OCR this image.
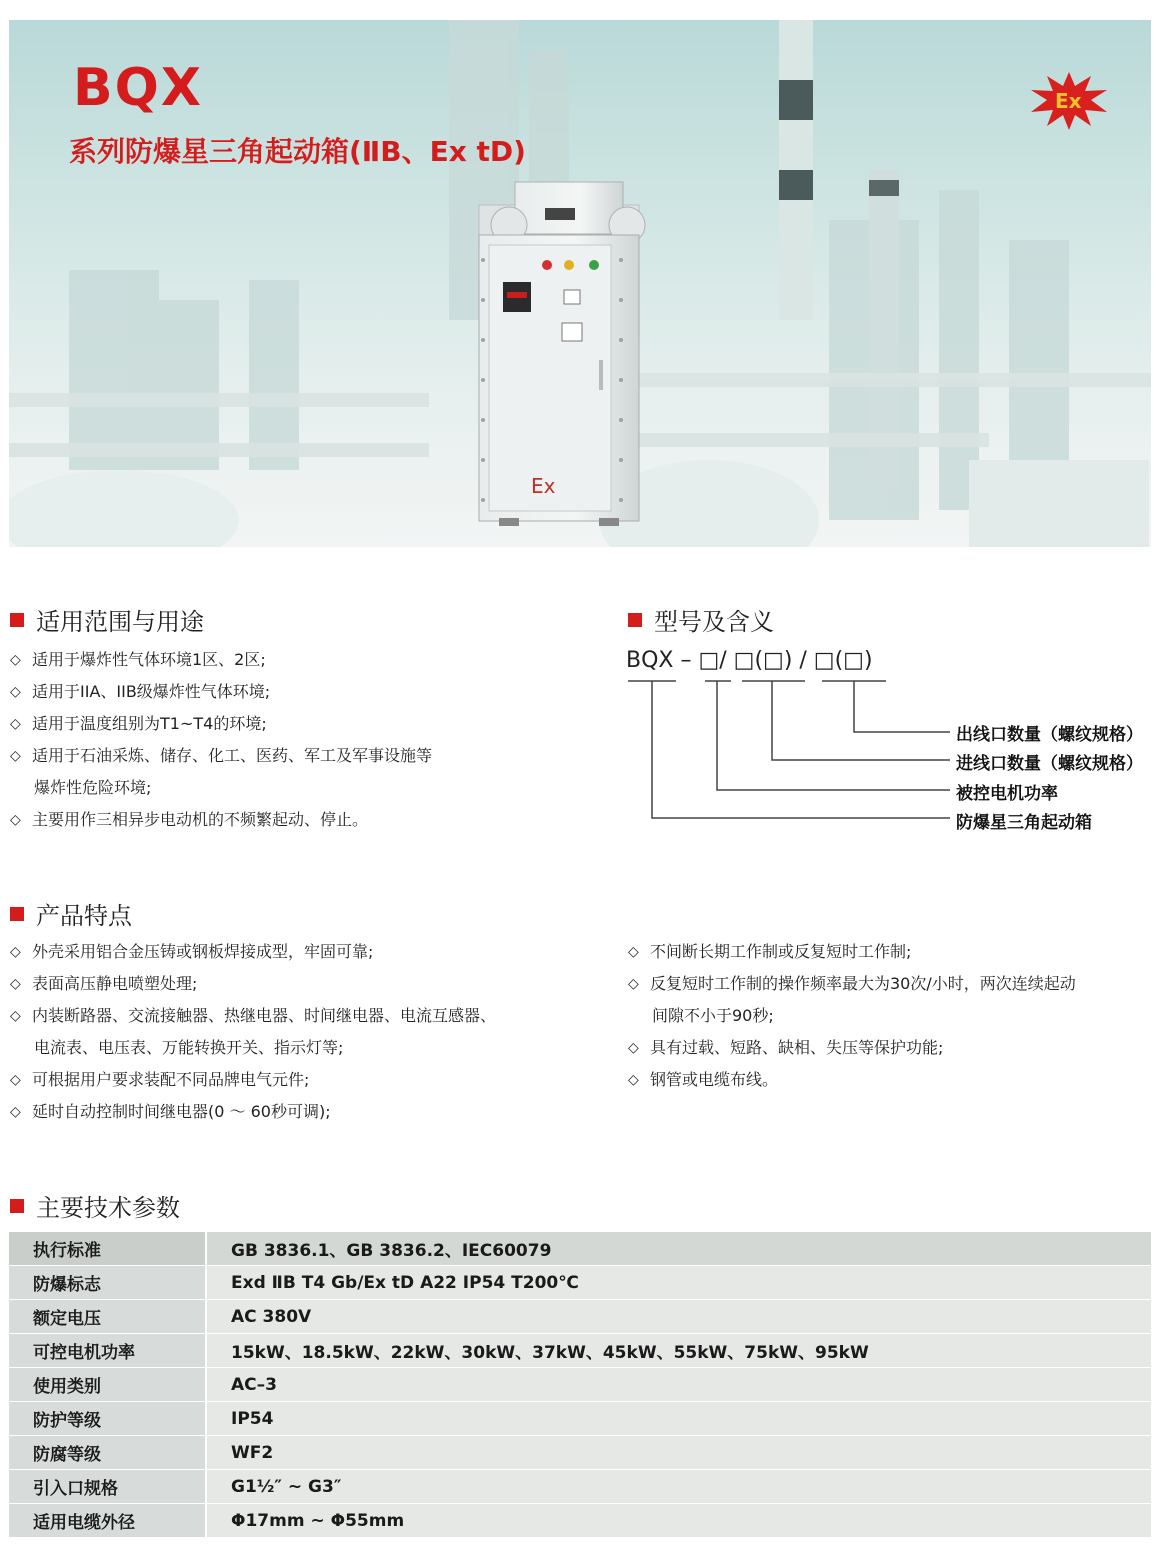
BQX
系列防爆星三角起动箱(ⅡB、Ex tD)
Ex
Ex
适用范围与用途
◇ 适用于爆炸性气体环境1区、2区;
◇ 适用于IIA、IIB级爆炸性气体环境;
◇ 适用于温度组别为T1~T4的环境;
◇ 适用于石油采炼、储存、化工、医药、军工及军事设施等
爆炸性危险环境;
◇ 主要用作三相异步电动机的不频繁起动、停止。
型号及含义
BQX – □/ □(□) / □(□)
出线口数量（螺纹规格）
进线口数量（螺纹规格）
被控电机功率
防爆星三角起动箱
产品特点
◇ 外壳采用铝合金压铸或钢板焊接成型，牢固可靠;
◇ 表面高压静电喷塑处理;
◇ 内装断路器、交流接触器、热继电器、时间继电器、电流互感器、
电流表、电压表、万能转换开关、指示灯等;
◇ 可根据用户要求装配不同品牌电气元件;
◇ 延时自动控制时间继电器(0 ～ 60秒可调);
◇ 不间断长期工作制或反复短时工作制;
◇ 反复短时工作制的操作频率最大为30次/小时，两次连续起动
间隙不小于90秒;
◇ 具有过载、短路、缺相、失压等保护功能;
◇ 钢管或电缆布线。
主要技术参数
执行标准	GB 3836.1、GB 3836.2、IEC60079
防爆标志	Exd ⅡB T4 Gb/Ex tD A22 IP54 T200℃
额定电压	AC 380V
可控电机功率	15kW、18.5kW、22kW、30kW、37kW、45kW、55kW、75kW、95kW
使用类别	AC–3
防护等级	IP54
防腐等级	WF2
引入口规格	G1½″ ~ G3″
适用电缆外径	Φ17mm ~ Φ55mm
